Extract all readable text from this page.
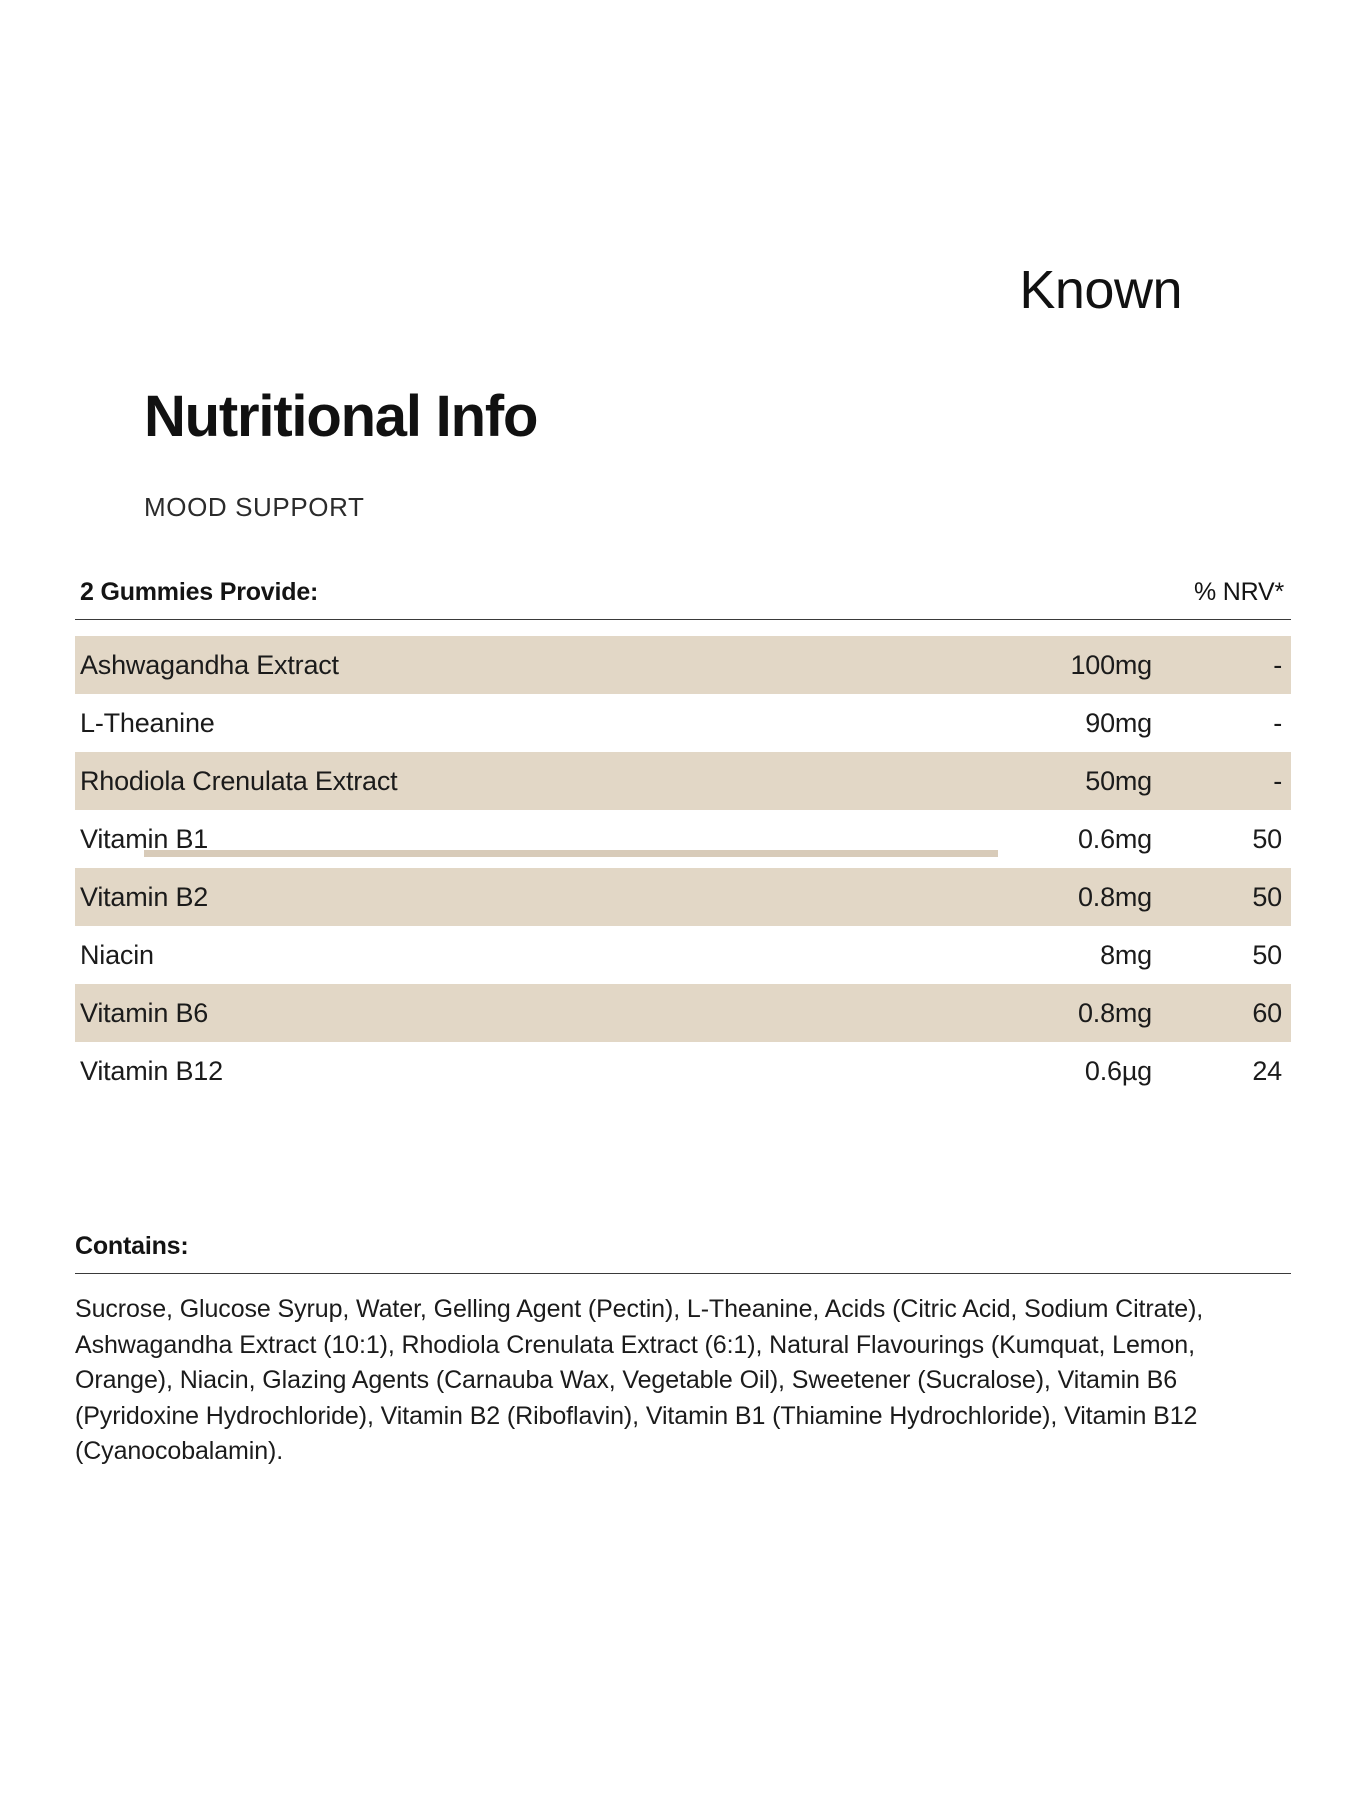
Known
Nutritional Info
MOOD SUPPORT
2 Gummies Provide:	% NRV*
Ashwagandha Extract	100mg	-
L-Theanine	90mg	-
Rhodiola Crenulata Extract	50mg	-
Vitamin B1	0.6mg	50
Vitamin B2	0.8mg	50
Niacin	8mg	50
Vitamin B6	0.8mg	60
Vitamin B12	0.6µg	24
Contains:
Sucrose, Glucose Syrup, Water, Gelling Agent (Pectin), L-Theanine, Acids (Citric Acid, Sodium Citrate), Ashwagandha Extract (10:1), Rhodiola Crenulata Extract (6:1), Natural Flavourings (Kumquat, Lemon, Orange), Niacin, Glazing Agents (Carnauba Wax, Vegetable Oil), Sweetener (Sucralose), Vitamin B6 (Pyridoxine Hydrochloride), Vitamin B2 (Riboflavin), Vitamin B1 (Thiamine Hydrochloride), Vitamin B12 (Cyanocobalamin).
